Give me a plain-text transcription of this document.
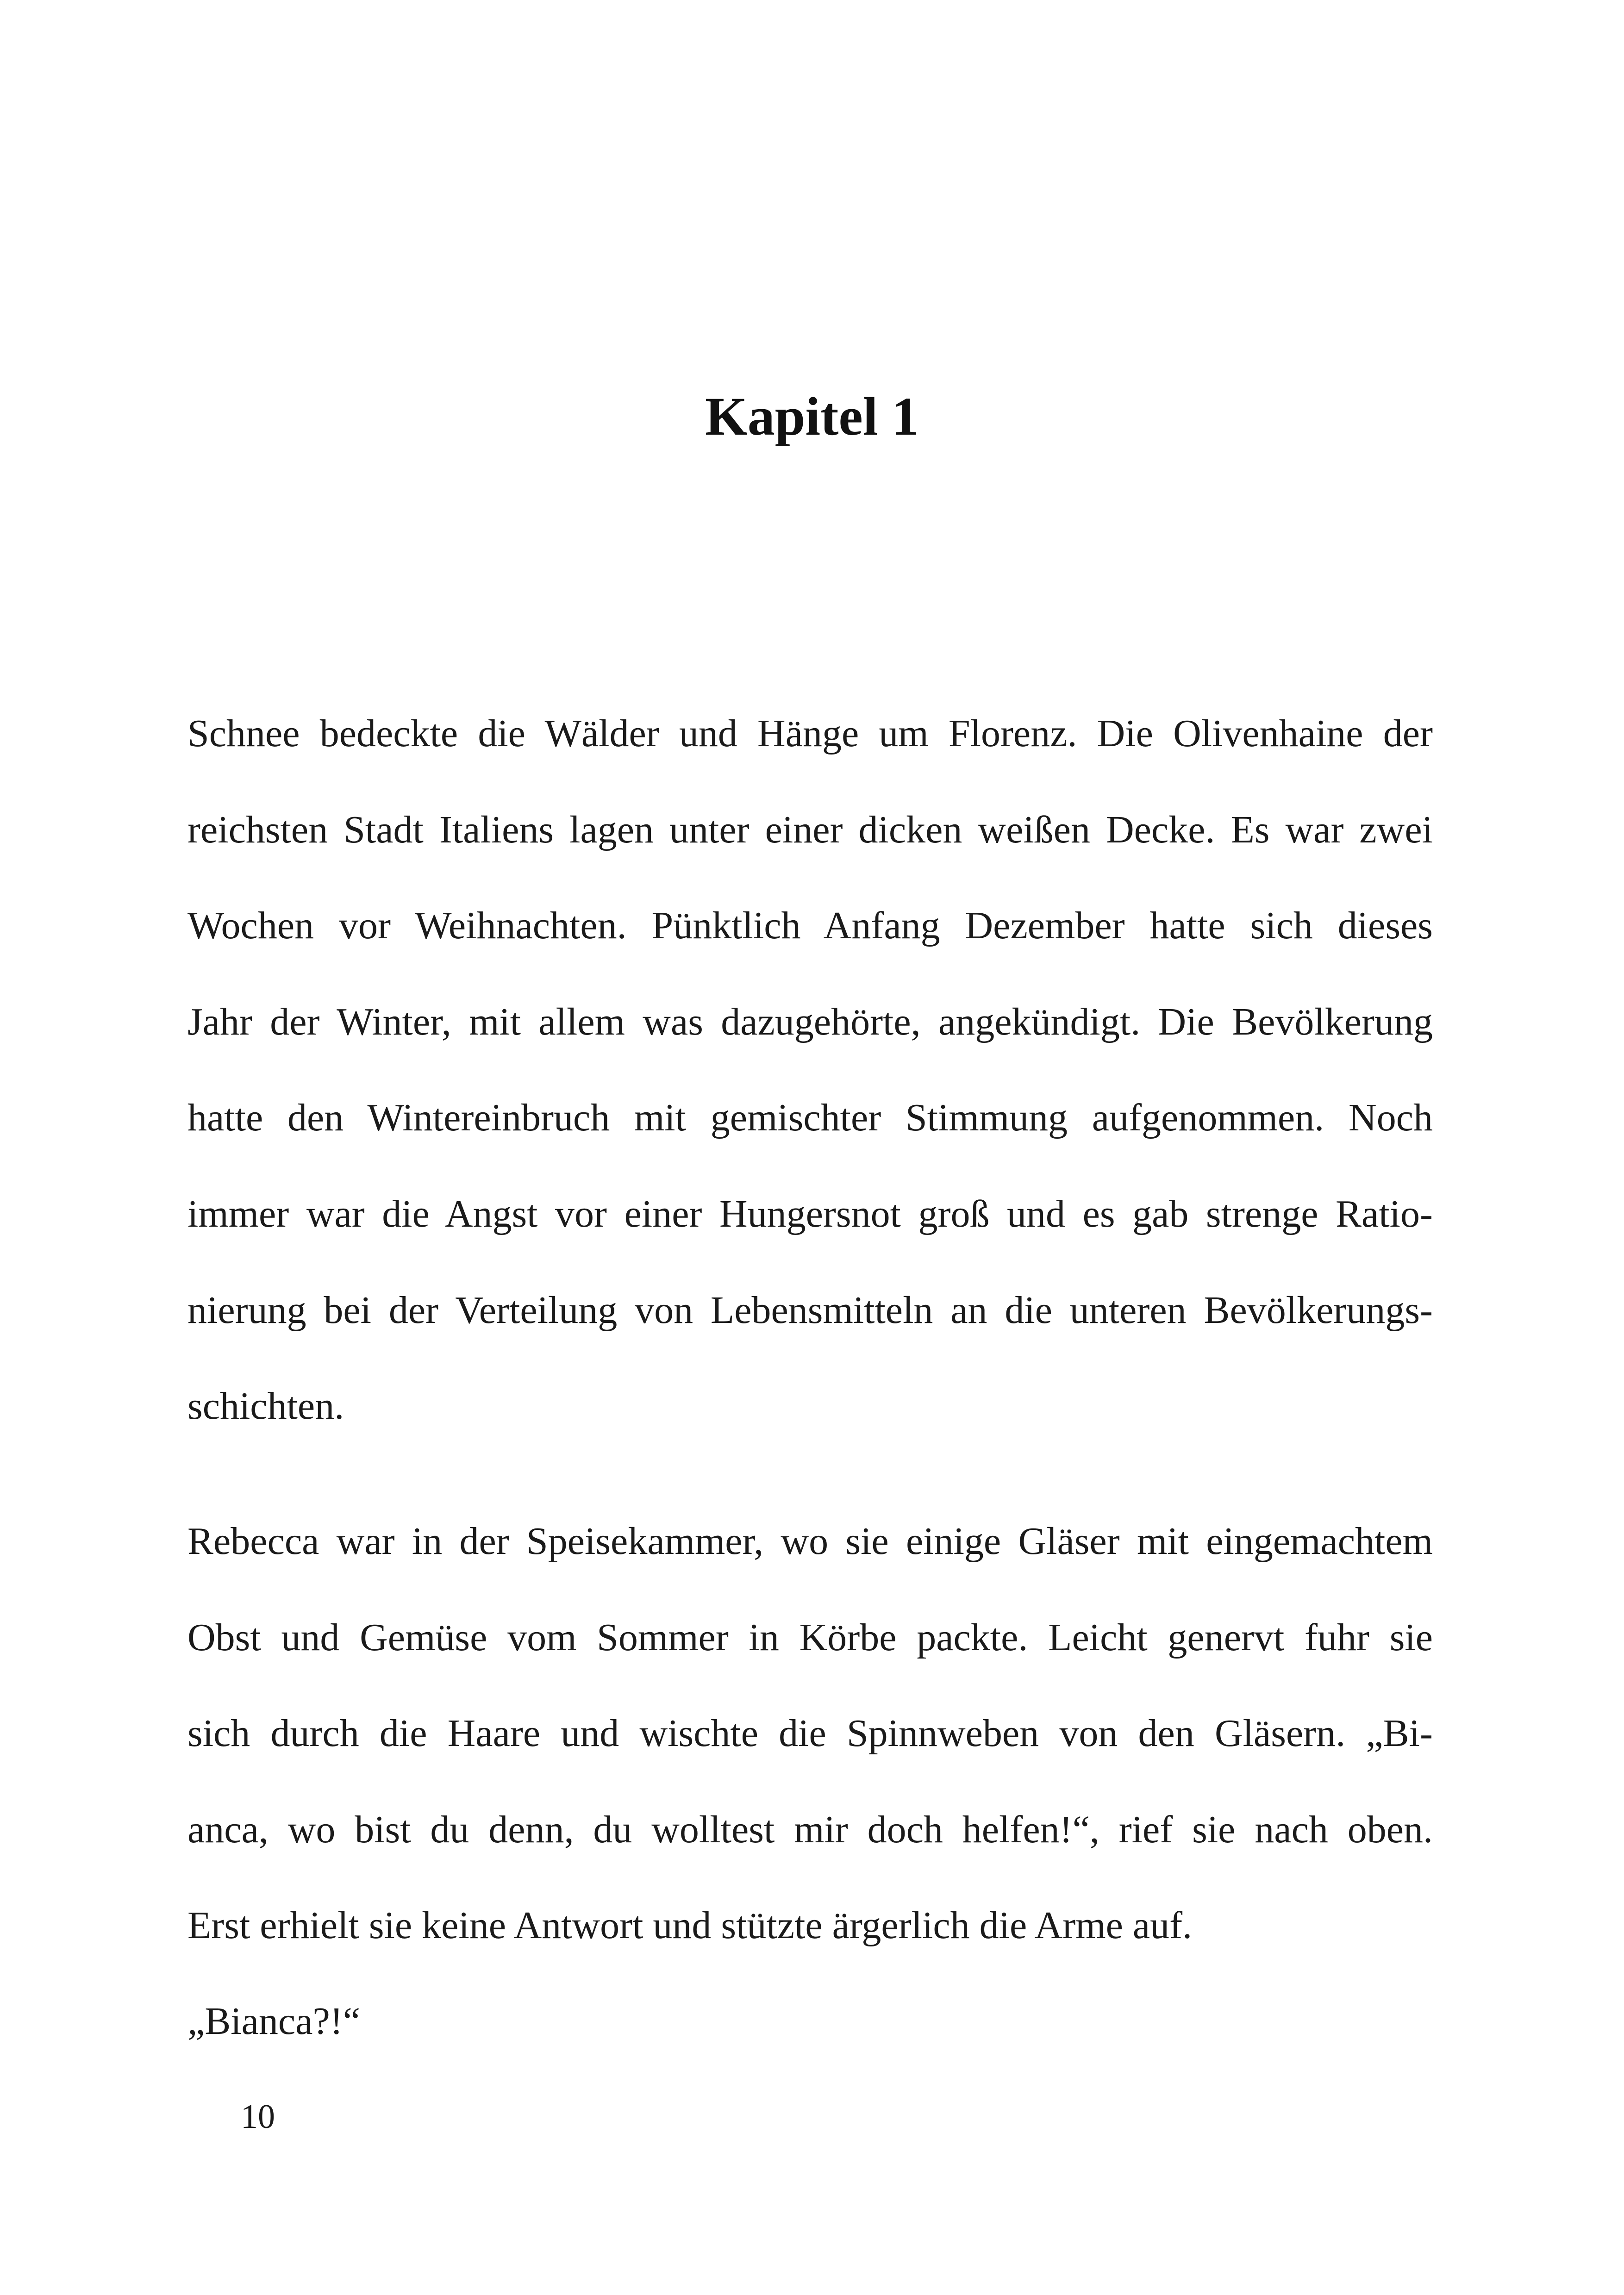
Kapitel 1

Schnee bedeckte die Wälder und Hänge um Florenz. Die Olivenhaine der

reichsten Stadt Italiens lagen unter einer dicken weißen Decke. Es war zwei

Wochen vor Weihnachten. Pünktlich Anfang Dezember hatte sich dieses

Jahr der Winter, mit allem was dazugehörte, angekündigt. Die Bevölkerung

hatte den Wintereinbruch mit gemischter Stimmung aufgenommen. Noch

immer war die Angst vor einer Hungersnot groß und es gab strenge Ratio-

nierung bei der Verteilung von Lebensmitteln an die unteren Bevölkerungs-

schichten.

Rebecca war in der Speisekammer, wo sie einige Gläser mit eingemachtem

Obst und Gemüse vom Sommer in Körbe packte. Leicht genervt fuhr sie

sich durch die Haare und wischte die Spinnweben von den Gläsern. „Bi-

anca, wo bist du denn, du wolltest mir doch helfen!“, rief sie nach oben.

Erst erhielt sie keine Antwort und stützte ärgerlich die Arme auf.

„Bianca?!“

10
